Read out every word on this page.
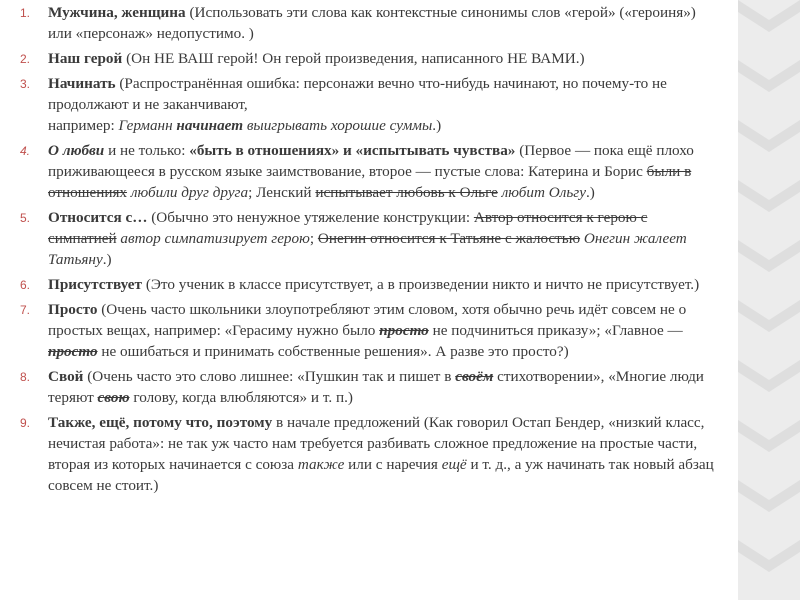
1. Мужчина, женщина (Использовать эти слова как контекстные синонимы слов «герой» («героиня») или «персонаж» недопустимо. )
2. Наш герой (Он НЕ ВАШ герой! Он герой произведения, написанного НЕ ВАМИ.)
3. Начинать (Распространённая ошибка: персонажи вечно что-нибудь начинают, но почему-то не продолжают и не заканчивают,
например: Германн начинает выигрывать хорошие суммы.)
4. О любви и не только: «быть в отношениях» и «испытывать чувства» (Первое — пока ещё плохо приживающееся в русском языке заимствование, второе — пустые слова: Катерина и Борис были в отношениях любили друг друга; Ленский испытывает любовь к Ольге любит Ольгу.)
5. Относится с… (Обычно это ненужное утяжеление конструкции: Автор относится к герою с симпатией автор симпатизирует герою; Онегин относится к Татьяне с жалостью Онегин жалеет Татьяну.)
6. Присутствует (Это ученик в классе присутствует, а в произведении никто и ничто не присутствует.)
7. Просто (Очень часто школьники злоупотребляют этим словом, хотя обычно речь идёт совсем не о простых вещах, например: «Герасиму нужно было просто не подчиниться приказу»; «Главное — просто не ошибаться и принимать собственные решения». А разве это просто?)
8. Свой (Очень часто это слово лишнее: «Пушкин так и пишет в своём стихотворении», «Многие люди теряют свою голову, когда влюбляются» и т. п.)
9. Также, ещё, потому что, поэтому в начале предложений (Как говорил Остап Бендер, «низкий класс, нечистая работа»: не так уж часто нам требуется разбивать сложное предложение на простые части, вторая из которых начинается с союза также или с наречия ещё и т. д., а уж начинать так новый абзац совсем не стоит.)
